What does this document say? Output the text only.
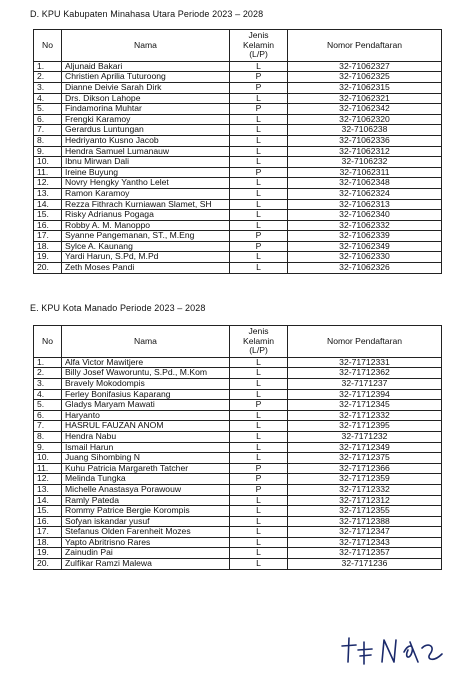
D. KPU Kabupaten Minahasa Utara Periode 2023 – 2028
No	Nama	Jenis Kelamin (L/P)	Nomor Pendaftaran
1.	Aljunaid Bakari	L	32-71062327
2.	Christien Aprilia Tuturoong	P	32-71062325
3.	Dianne Deivie Sarah Dirk	P	32-71062315
4.	Drs. Dikson Lahope	L	32-71062321
5.	Findamorina Muhtar	P	32-71062342
6.	Frengki Karamoy	L	32-71062320
7.	Gerardus Luntungan	L	32-7106238
8.	Hedriyanto Kusno Jacob	L	32-71062336
9.	Hendra Samuel Lumanauw	L	32-71062312
10.	Ibnu Mirwan Dali	L	32-7106232
11.	Ireine Buyung	P	32-71062311
12.	Novry Hengky Yantho Lelet	L	32-71062348
13.	Ramon Karamoy	L	32-71062324
14.	Rezza Fithrach Kurniawan Slamet, SH	L	32-71062313
15.	Risky Adrianus Pogaga	L	32-71062340
16.	Robby A. M. Manoppo	L	32-71062332
17.	Syanne Pangemanan, ST., M.Eng	P	32-71062339
18.	Sylce A. Kaunang	P	32-71062349
19.	Yardi Harun, S.Pd, M.Pd	L	32-71062330
20.	Zeth Moses Pandi	L	32-71062326
E. KPU Kota Manado Periode 2023 – 2028
No	Nama	Jenis Kelamin (L/P)	Nomor Pendaftaran
1.	Alfa Victor Mawitjere	L	32-71712331
2.	Billy Josef Waworuntu, S.Pd., M.Kom	L	32-71712362
3.	Bravely Mokodompis	L	32-7171237
4.	Ferley Bonifasius Kaparang	L	32-71712394
5.	Gladys Maryam Mawati	P	32-71712345
6.	Haryanto	L	32-71712332
7.	HASRUL FAUZAN ANOM	L	32-71712395
8.	Hendra Nabu	L	32-7171232
9.	Ismail Harun	L	32-71712349
10.	Juang Sihombing N	L	32-71712375
11.	Kuhu Patricia Margareth Tatcher	P	32-71712366
12.	Melinda Tungka	P	32-71712359
13.	Michelle Anastasya Porawouw	P	32-71712332
14.	Ramly Pateda	L	32-71712312
15.	Rommy Patrice Bergie Korompis	L	32-71712355
16.	Sofyan iskandar yusuf	L	32-71712388
17.	Stefanus Olden Farenheit Mozes	L	32-71712347
18.	Yapto Abritrisno Rares	L	32-71712343
19.	Zainudin Pai	L	32-71712357
20.	Zulfikar Ramzi Malewa	L	32-7171236
